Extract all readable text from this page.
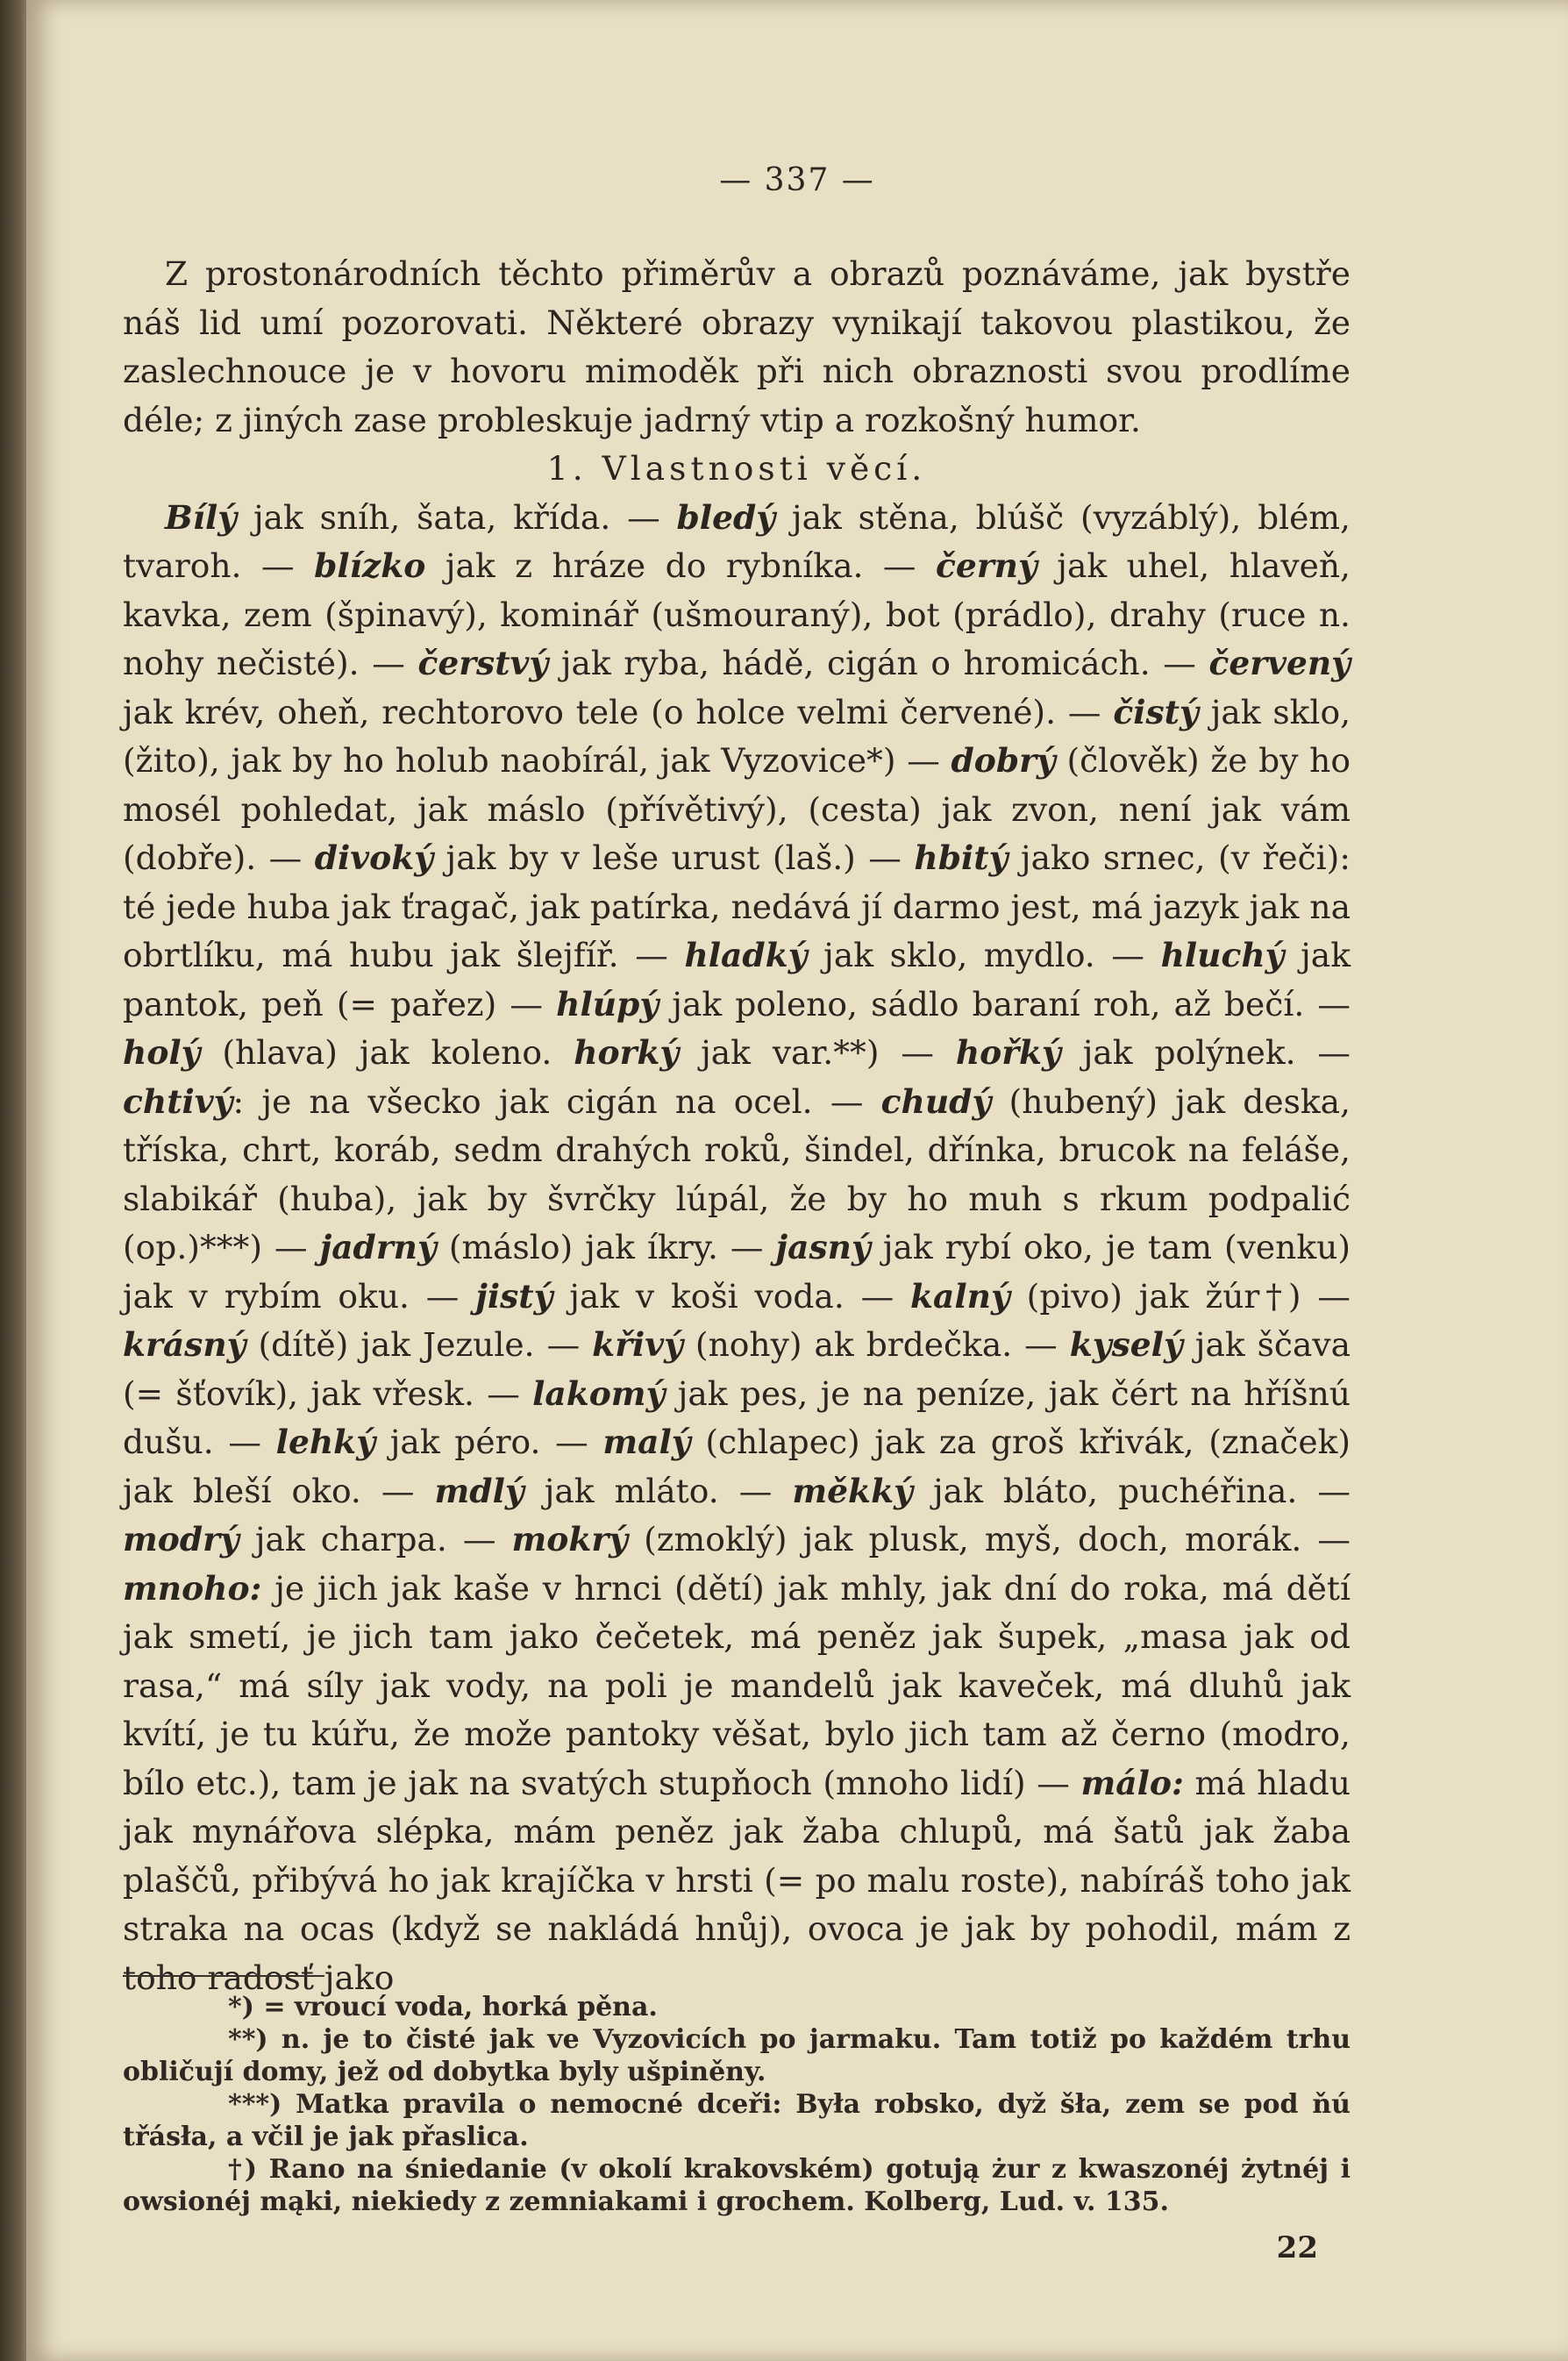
— 337 —

Z prostonárodních těchto přiměrův a obrazů poznáváme, jak bystře náš lid umí pozorovati. Některé obrazy vynikají takovou plastikou, že zaslechnouce je v hovoru mimoděk při nich obraznosti svou prodlíme déle; z jiných zase probleskuje jadrný vtip a rozkošný humor.

1. Vlastnosti věcí.

Bílý jak sníh, šata, křída. — bledý jak stěna, blúšč (vyzáblý), blém, tvaroh. — blízko jak z hráze do rybníka. — černý jak uhel, hlaveň, kavka, zem (špinavý), kominář (ušmouraný), bot (prádlo), drahy (ruce n. nohy nečisté). — čerstvý jak ryba, hádě, cigán o hromicách. — červený jak krév, oheň, rechtorovo tele (o holce velmi červené). — čistý jak sklo, (žito), jak by ho holub naobírál, jak Vyzovice*) — dobrý (člověk) že by ho mosél pohledat, jak máslo (přívětivý), (cesta) jak zvon, není jak vám (dobře). — divoký jak by v leše urust (laš.) — hbitý jako srnec, (v řeči): té jede huba jak ťragač, jak patírka, nedává jí darmo jest, má jazyk jak na obrtlíku, má hubu jak šlejfíř. — hladký jak sklo, mydlo. — hluchý jak pantok, peň (= pařez) — hlúpý jak poleno, sádlo baraní roh, až bečí. — holý (hlava) jak koleno. horký jak var.**) — hořký jak polýnek. — chtivý: je na všecko jak cigán na ocel. — chudý (hubený) jak deska, tříska, chrt, koráb, sedm drahých roků, šindel, dřínka, brucok na feláše, slabikář (huba), jak by švrčky lúpál, že by ho muh s rkum podpalić (op.)***) — jadrný (máslo) jak íkry. — jasný jak rybí oko, je tam (venku) jak v rybím oku. — jistý jak v koši voda. — kalný (pivo) jak žúr†) — krásný (dítě) jak Jezule. — křivý (nohy) ak brdečka. — kyselý jak ščava (= šťovík), jak vřesk. — lakomý jak pes, je na peníze, jak čért na hříšnú dušu. — lehký jak péro. — malý (chlapec) jak za groš křivák, (značek) jak bleší oko. — mdlý jak mláto. — měkký jak bláto, puchéřina. — modrý jak charpa. — mokrý (zmoklý) jak plusk, myš, doch, morák. — mnoho: je jich jak kaše v hrnci (dětí) jak mhly, jak dní do roka, má dětí jak smetí, je jich tam jako čečetek, má peněz jak šupek, „masa jak od rasa,“ má síly jak vody, na poli je mandelů jak kaveček, má dluhů jak kvítí, je tu kúřu, že može pantoky věšat, bylo jich tam až černo (modro, bílo etc.), tam je jak na svatých stupňoch (mnoho lidí) — málo: má hladu jak mynářova slépka, mám peněz jak žaba chlupů, má šatů jak žaba plaščů, přibývá ho jak krajíčka v hrsti (= po malu roste), nabíráš toho jak straka na ocas (když se nakládá hnůj), ovoca je jak by pohodil, mám z toho radosť jako

*) = vroucí voda, horká pěna.

**) n. je to čisté jak ve Vyzovicích po jarmaku. Tam totiž po každém trhu obličují domy, jež od dobytka byly ušpiněny.

***) Matka pravila o nemocné dceři: Była robsko, dyž šła, zem se pod ňú třásła, a včil je jak přaslica.

†) Rano na śniedanie (v okolí krakovském) gotują żur z kwaszonéj żytnéj i owsionéj mąki, niekiedy z zemniakami i grochem. Kolberg, Lud. v. 135.

22
